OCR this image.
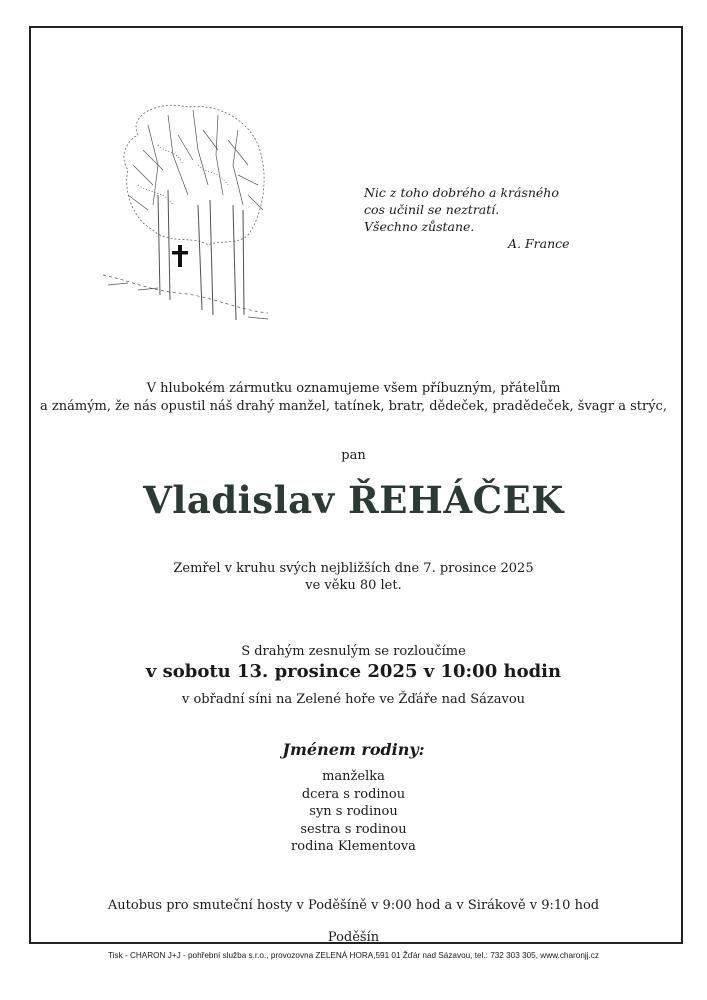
Nic z toho dobrého a krásného
cos učinil se neztratí.
Všechno zůstane.
A. France
V hlubokém zármutku oznamujeme všem příbuzným, přátelům
a známým, že nás opustil náš drahý manžel, tatínek, bratr, dědeček, pradědeček, švagr a strýc,
pan
Vladislav ŘEHÁČEK
Zemřel v kruhu svých nejbližších dne 7. prosince 2025
ve věku 80 let.
S drahým zesnulým se rozloučíme
v sobotu 13. prosince 2025 v 10:00 hodin
v obřadní síni na Zelené hoře ve Žďáře nad Sázavou
Jménem rodiny:
manželka
dcera s rodinou
syn s rodinou
sestra s rodinou
rodina Klementova
Autobus pro smuteční hosty v Poděšíně v 9:00 hod a v Sirákově v 9:10 hod
Poděšín
Tisk - CHARON J+J - pohřební služba s.r.o., provozovna ZELENÁ HORA,591 01 Žďár nad Sázavou, tel.: 732 303 305, www.charonjj.cz
